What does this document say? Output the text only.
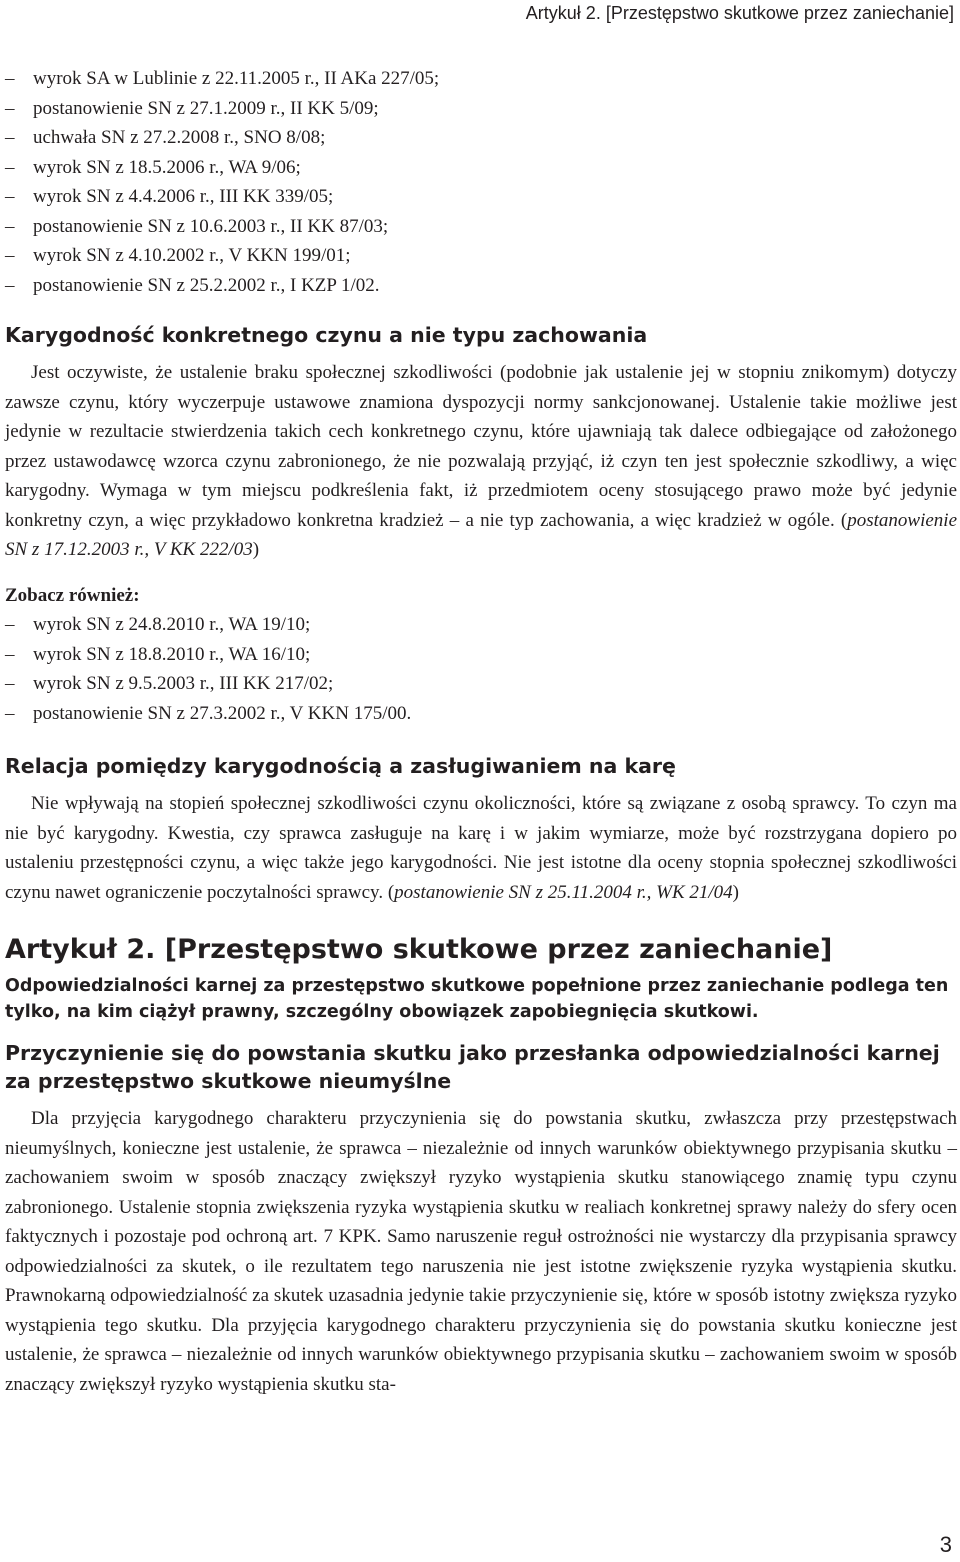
Artykuł 2. [Przestępstwo skutkowe przez zaniechanie]
– wyrok SA w Lublinie z 22.11.2005 r., II AKa 227/05;
– postanowienie SN z 27.1.2009 r., II KK 5/09;
– uchwała SN z 27.2.2008 r., SNO 8/08;
– wyrok SN z 18.5.2006 r., WA 9/06;
– wyrok SN z 4.4.2006 r., III KK 339/05;
– postanowienie SN z 10.6.2003 r., II KK 87/03;
– wyrok SN z 4.10.2002 r., V KKN 199/01;
– postanowienie SN z 25.2.2002 r., I KZP 1/02.
Karygodność konkretnego czynu a nie typu zachowania

Jest oczywiste, że ustalenie braku społecznej szkodliwości (podobnie jak ustalenie jej w stopniu znikomym) dotyczy zawsze czynu, który wyczerpuje ustawowe znamiona dyspozycji normy sankcjonowanej. Ustalenie takie możliwe jest jedynie w rezultacie stwierdzenia takich cech konkretnego czynu, które ujawniają tak dalece odbiegające od założonego przez ustawodawcę wzorca czynu zabronionego, że nie pozwalają przyjąć, iż czyn ten jest społecznie szkodliwy, a więc karygodny. Wymaga w tym miejscu podkreślenia fakt, iż przedmiotem oceny stosującego prawo może być jedynie konkretny czyn, a więc przykładowo konkretna kradzież – a nie typ zachowania, a więc kradzież w ogóle. (postanowienie SN z 17.12.2003 r., V KK 222/03)

Zobacz również:
– wyrok SN z 24.8.2010 r., WA 19/10;
– wyrok SN z 18.8.2010 r., WA 16/10;
– wyrok SN z 9.5.2003 r., III KK 217/02;
– postanowienie SN z 27.3.2002 r., V KKN 175/00.
Relacja pomiędzy karygodnością a zasługiwaniem na karę

Nie wpływają na stopień społecznej szkodliwości czynu okoliczności, które są związane z osobą sprawcy. To czyn ma nie być karygodny. Kwestia, czy sprawca zasługuje na karę i w jakim wymiarze, może być rozstrzygana dopiero po ustaleniu przestępności czynu, a więc także jego karygodności. Nie jest istotne dla oceny stopnia społecznej szkodliwości czynu nawet ograniczenie poczytalności sprawcy. (postanowienie SN z 25.11.2004 r., WK 21/04)

Artykuł 2. [Przestępstwo skutkowe przez zaniechanie]

Odpowiedzialności karnej za przestępstwo skutkowe popełnione przez zaniechanie podlega ten tylko, na kim ciążył prawny, szczególny obowiązek zapobiegnięcia skutkowi.

Przyczynienie się do powstania skutku jako przesłanka odpowiedzialności karnej za przestępstwo skutkowe nieumyślne

Dla przyjęcia karygodnego charakteru przyczynienia się do powstania skutku, zwłaszcza przy przestępstwach nieumyślnych, konieczne jest ustalenie, że sprawca – niezależnie od innych warunków obiektywnego przypisania skutku – zachowaniem swoim w sposób znaczący zwiększył ryzyko wystąpienia skutku stanowiącego znamię typu czynu zabronionego. Ustalenie stopnia zwiększenia ryzyka wystąpienia skutku w realiach konkretnej sprawy należy do sfery ocen faktycznych i pozostaje pod ochroną art. 7 KPK. Samo naruszenie reguł ostrożności nie wystarczy dla przypisania sprawcy odpowiedzialności za skutek, o ile rezultatem tego naruszenia nie jest istotne zwiększenie ryzyka wystąpienia skutku. Prawnokarną odpowiedzialność za skutek uzasadnia jedynie takie przyczynienie się, które w sposób istotny zwiększa ryzyko wystąpienia tego skutku. Dla przyjęcia karygodnego charakteru przyczynienia się do powstania skutku konieczne jest ustalenie, że sprawca – niezależnie od innych warunków obiektywnego przypisania skutku – zachowaniem swoim w sposób znaczący zwiększył ryzyko wystąpienia skutku sta-

3
